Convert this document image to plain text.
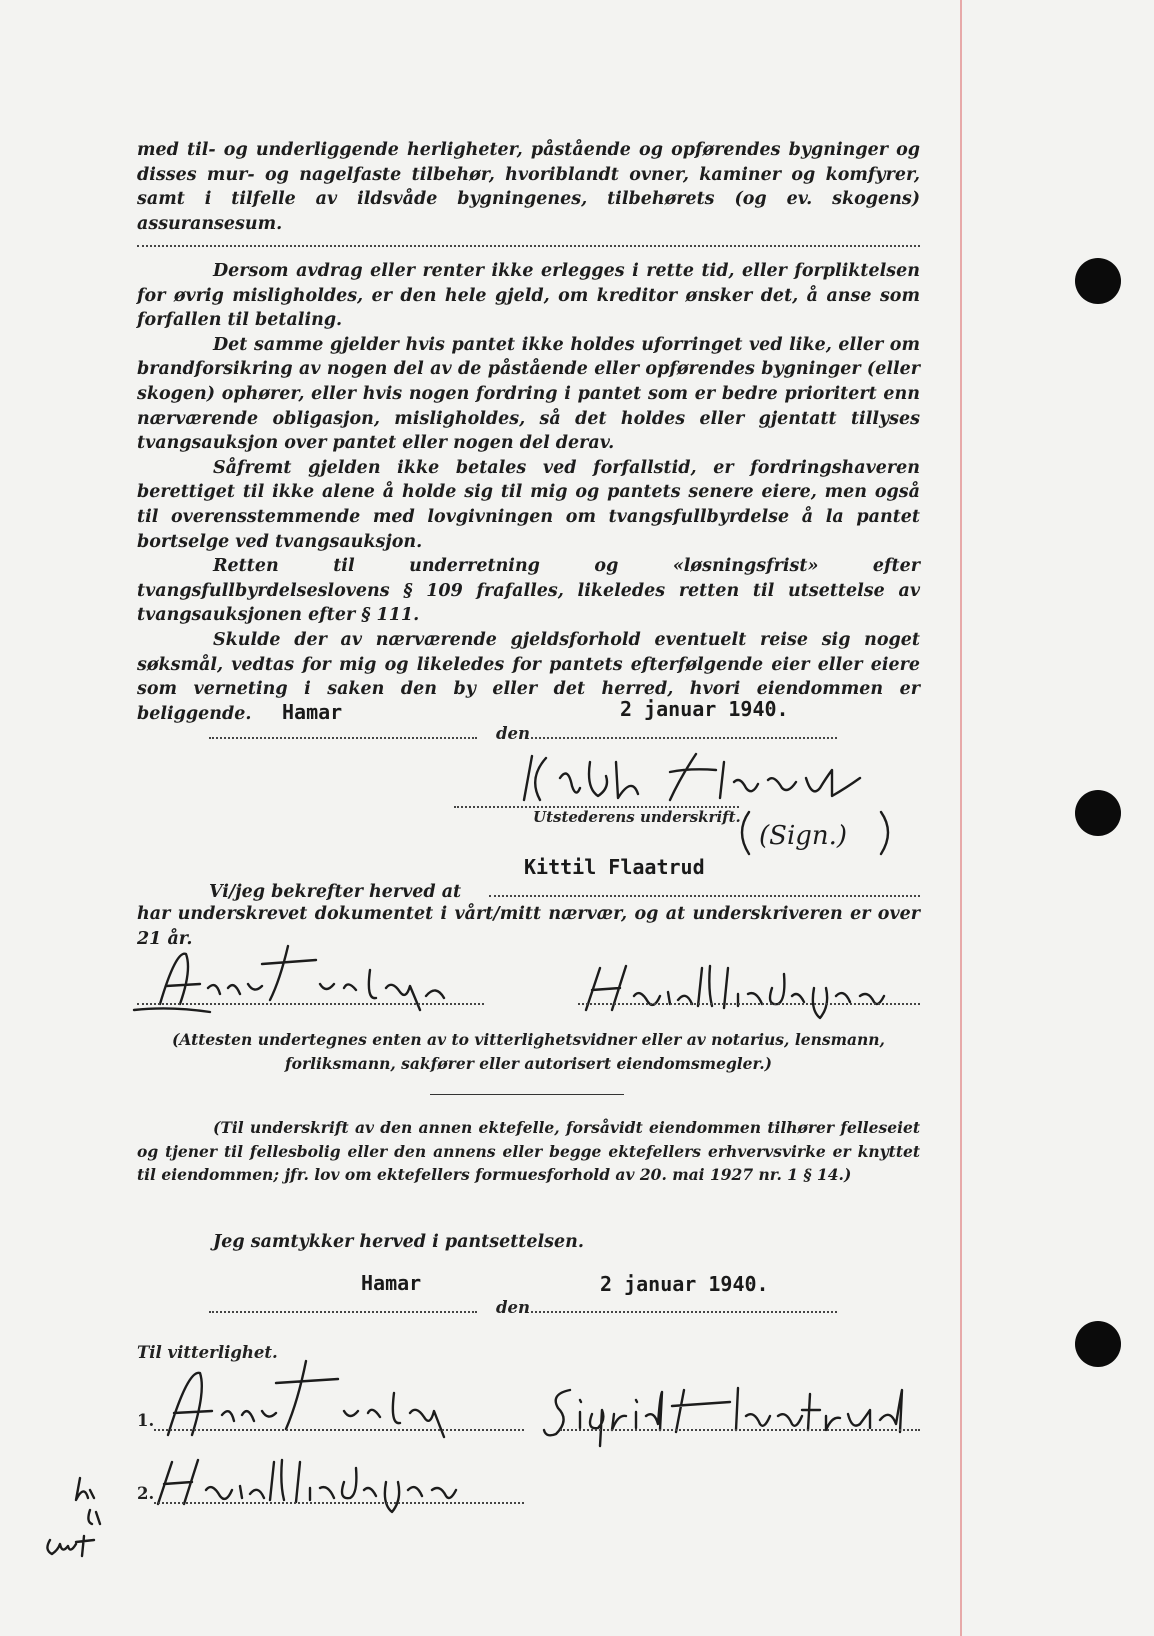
med til- og underliggende herligheter, påstående og opførendes bygninger og disses mur- og nagelfaste tilbehør, hvoriblandt ovner, kaminer og komfyrer, samt i tilfelle av ildsvåde bygningenes, tilbehørets (og ev. skogens) assuransesum.

Dersom avdrag eller renter ikke erlegges i rette tid, eller forpliktelsen for øvrig misligholdes, er den hele gjeld, om kreditor ønsker det, å anse som forfallen til betaling.

Det samme gjelder hvis pantet ikke holdes uforringet ved like, eller om brandforsikring av nogen del av de påstående eller opførendes bygninger (eller skogen) ophører, eller hvis nogen fordring i pantet som er bedre prioritert enn nærværende obligasjon, misligholdes, så det holdes eller gjentatt tillyses tvangsauksjon over pantet eller nogen del derav.

Såfremt gjelden ikke betales ved forfallstid, er fordringshaveren berettiget til ikke alene å holde sig til mig og pantets senere eiere, men også til overensstemmende med lovgivningen om tvangsfullbyrdelse å la pantet bortselge ved tvangsauksjon.

Retten til underretning og «løsningsfrist» efter tvangsfullbyrdelseslovens § 109 frafalles, likeledes retten til utsettelse av tvangsauksjonen efter § 111.

Skulde der av nærværende gjeldsforhold eventuelt reise sig noget søksmål, vedtas for mig og likeledes for pantets efterfølgende eier eller eiere som verneting i saken den by eller det herred, hvori eiendommen er beliggende.	Hamar	2 januar 1940.
den
Utstederens underskrift.
(Sign.)
Kittil Flaatrud

Vi/jeg bekrefter herved at

har underskrevet dokumentet i vårt/mitt nærvær, og at underskriveren er over 21 år.

(Attesten undertegnes enten av to vitterlighetsvidner eller av notarius, lensmann, forliksmann, sakfører eller autorisert eiendomsmegler.)

(Til underskrift av den annen ektefelle, forsåvidt eiendommen tilhører felleseiet og tjener til fellesbolig eller den annens eller begge ektefellers erhvervsvirke er knyttet til eiendommen; jfr. lov om ektefellers formuesforhold av 20. mai 1927 nr. 1 § 14.)

Jeg samtykker herved i pantsettelsen.

Hamar	2 januar 1940.
den
Til vitterlighet.
1.
2.
